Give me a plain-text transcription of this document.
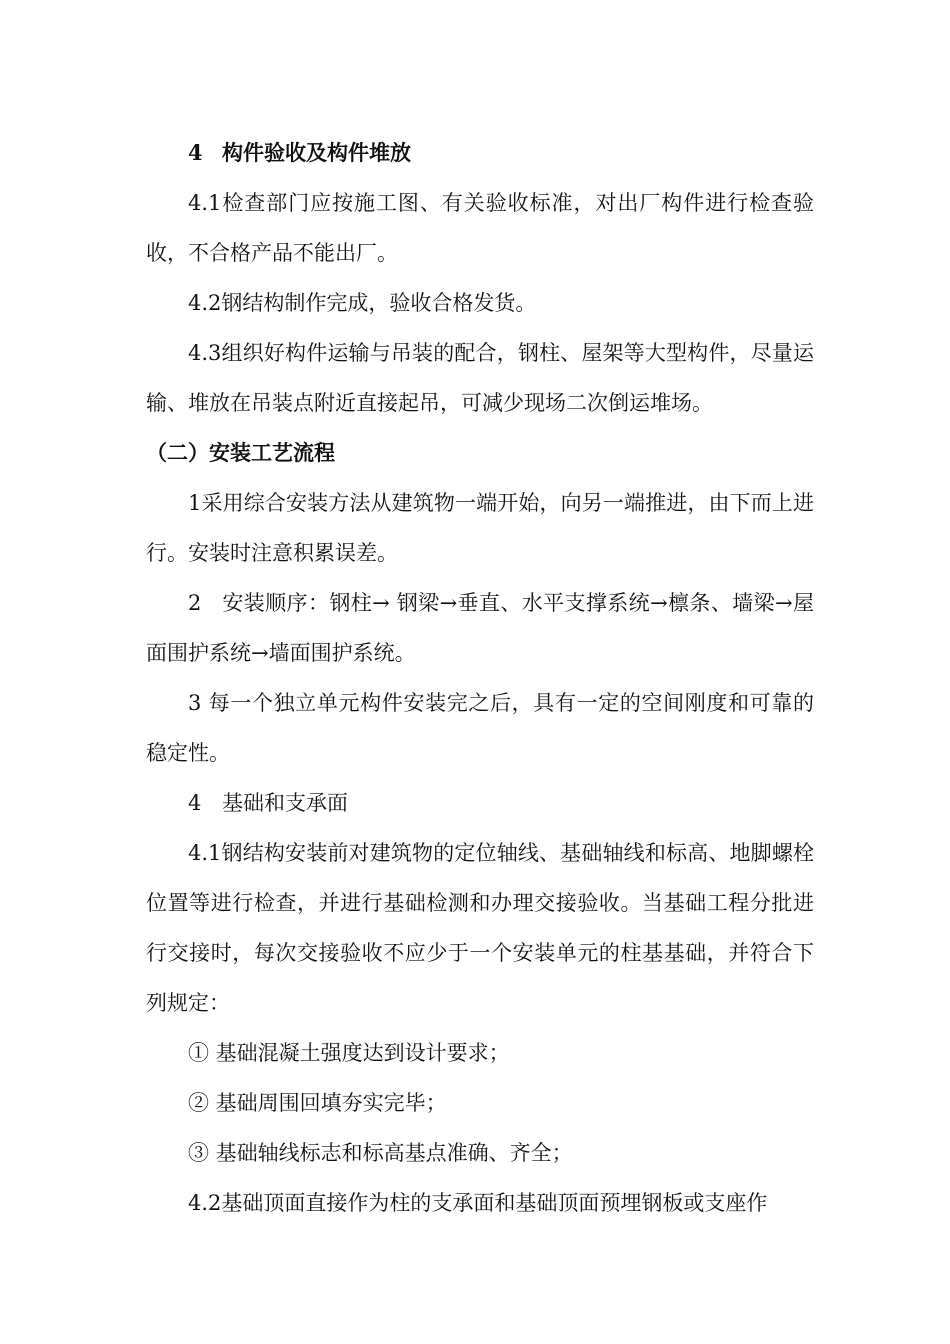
4 构件验收及构件堆放

4.1检查部门应按施工图、有关验收标准，对出厂构件进行检查验收，不合格产品不能出厂。

4.2钢结构制作完成，验收合格发货。

4.3组织好构件运输与吊装的配合，钢柱、屋架等大型构件，尽量运输、堆放在吊装点附近直接起吊，可减少现场二次倒运堆场。

（二）安装工艺流程

1采用综合安装方法从建筑物一端开始，向另一端推进，由下而上进行。安装时注意积累误差。

2 安装顺序：钢柱→ 钢梁→垂直、水平支撑系统→檩条、墙梁→屋面围护系统→墙面围护系统。

3 每一个独立单元构件安装完之后，具有一定的空间刚度和可靠的稳定性。

4 基础和支承面

4.1钢结构安装前对建筑物的定位轴线、基础轴线和标高、地脚螺栓位置等进行检查，并进行基础检测和办理交接验收。当基础工程分批进行交接时，每次交接验收不应少于一个安装单元的柱基基础，并符合下列规定：

① 基础混凝土强度达到设计要求；

② 基础周围回填夯实完毕；

③ 基础轴线标志和标高基点准确、齐全；

4.2基础顶面直接作为柱的支承面和基础顶面预埋钢板或支座作
